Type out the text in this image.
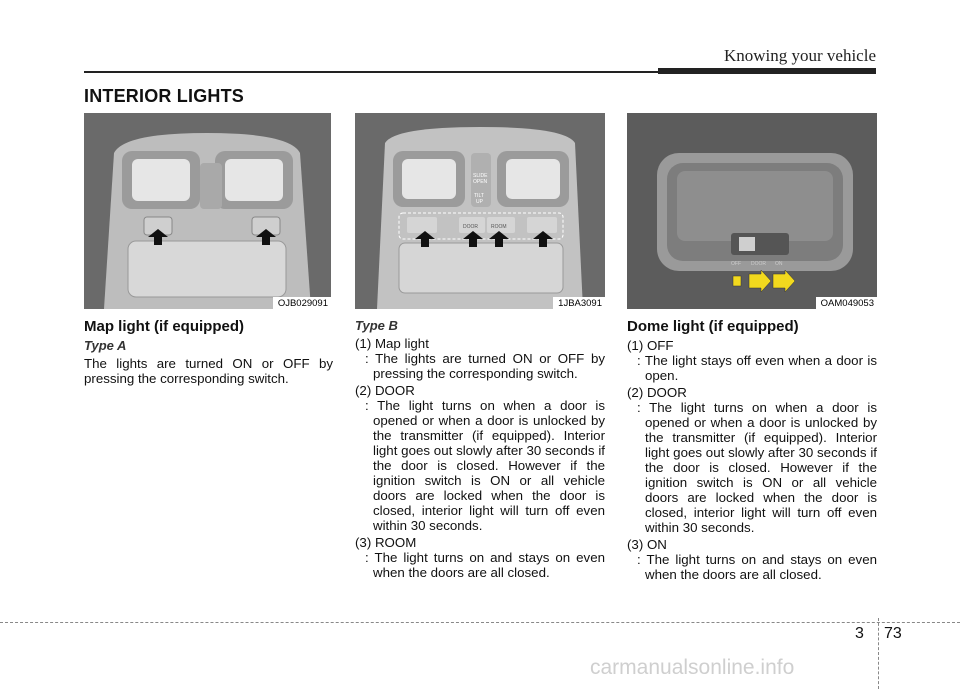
Knowing your vehicle
INTERIOR LIGHTS
OJB029091
SLIDE
OPEN
TILT
UP
DOOR	ROOM
1JBA3091
OFF DOOR ON
OAM049053
Map light (if equipped)
Type A
The lights are turned ON or OFF by pressing the corresponding switch.
Type B
(1) Map light
: The lights are turned ON or OFF by pressing the corresponding switch.
(2) DOOR
: The light turns on when a door is opened or when a door is unlocked by the transmitter (if equipped). Interior light goes out slowly after 30 seconds if the door is closed. However if the ignition switch is ON or all vehicle doors are locked when the door is closed, interior light will turn off even within 30 seconds.
(3) ROOM
: The light turns on and stays on even when the doors are all closed.
Dome light (if equipped)
(1) OFF
: The light stays off even when a door is open.
(2) DOOR
: The light turns on when a door is opened or when a door is unlocked by the transmitter (if equipped). Interior light goes out slowly after 30 seconds if the door is closed. However if the ignition switch is ON or all vehicle doors are locked when the door is closed, interior light will turn off even within 30 seconds.
(3) ON
: The light turns on and stays on even when the doors are all closed.
3 73
carmanualsonline.info
